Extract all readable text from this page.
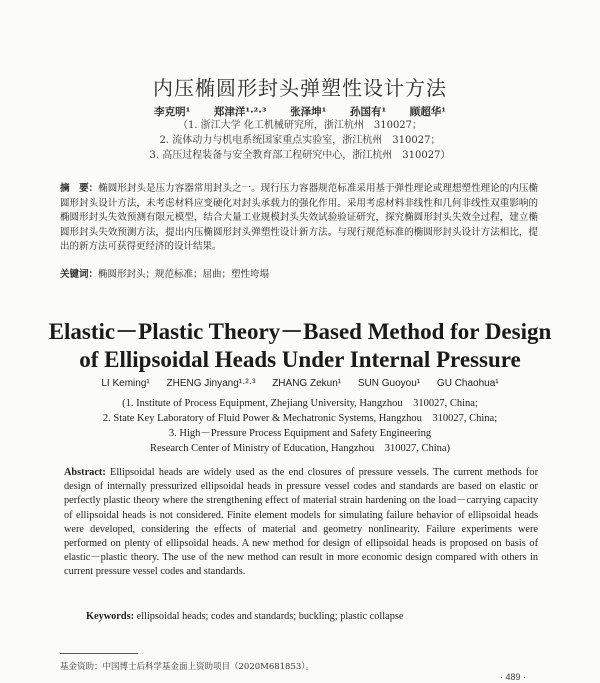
内压椭圆形封头弹塑性设计方法
李克明¹ 郑津洋¹·²·³ 张泽坤¹ 孙国有¹ 顾超华¹
（1. 浙江大学 化工机械研究所，浙江杭州　310027；
2. 流体动力与机电系统国家重点实验室，浙江杭州　310027；
3. 高压过程装备与安全教育部工程研究中心，浙江杭州　310027）
摘　要：椭圆形封头是压力容器常用封头之一。现行压力容器规范标准采用基于弹性理论或理想塑性理论的内压椭圆形封头设计方法，未考虑材料应变硬化对封头承载力的强化作用。采用考虑材料非线性和几何非线性双重影响的椭圆形封头失效预测有限元模型，结合大量工业规模封头失效试验验证研究，探究椭圆形封头失效全过程，建立椭圆形封头失效预测方法，提出内压椭圆形封头弹塑性设计新方法。与现行规范标准的椭圆形封头设计方法相比，提出的新方法可获得更经济的设计结果。
关键词：椭圆形封头；规范标准；屈曲；塑性垮塌
Elastic－Plastic Theory－Based Method for Design
of Ellipsoidal Heads Under Internal Pressure
LI Keming¹ ZHENG Jinyang¹·²·³ ZHANG Zekun¹ SUN Guoyou¹ GU Chaohua¹
(1. Institute of Process Equipment, Zhejiang University, Hangzhou　310027, China;
2. State Key Laboratory of Fluid Power & Mechatronic Systems, Hangzhou　310027, China;
3. High－Pressure Process Equipment and Safety Engineering
Research Center of Ministry of Education, Hangzhou　310027, China)
Abstract: Ellipsoidal heads are widely used as the end closures of pressure vessels. The current methods for design of internally pressurized ellipsoidal heads in pressure vessel codes and standards are based on elastic or perfectly plastic theory where the strengthening effect of material strain hardening on the load－carrying capacity of ellipsoidal heads is not considered. Finite element models for simulating failure behavior of ellipsoidal heads were developed, considering the effects of material and geometry nonlinearity. Failure experiments were performed on plenty of ellipsoidal heads. A new method for design of ellipsoidal heads is proposed on basis of elastic－plastic theory. The use of the new method can result in more economic design compared with others in current pressure vessel codes and standards.
Keywords: ellipsoidal heads; codes and standards; buckling; plastic collapse
基金资助：中国博士后科学基金面上资助项目（2020M681853）。
· 489 ·
